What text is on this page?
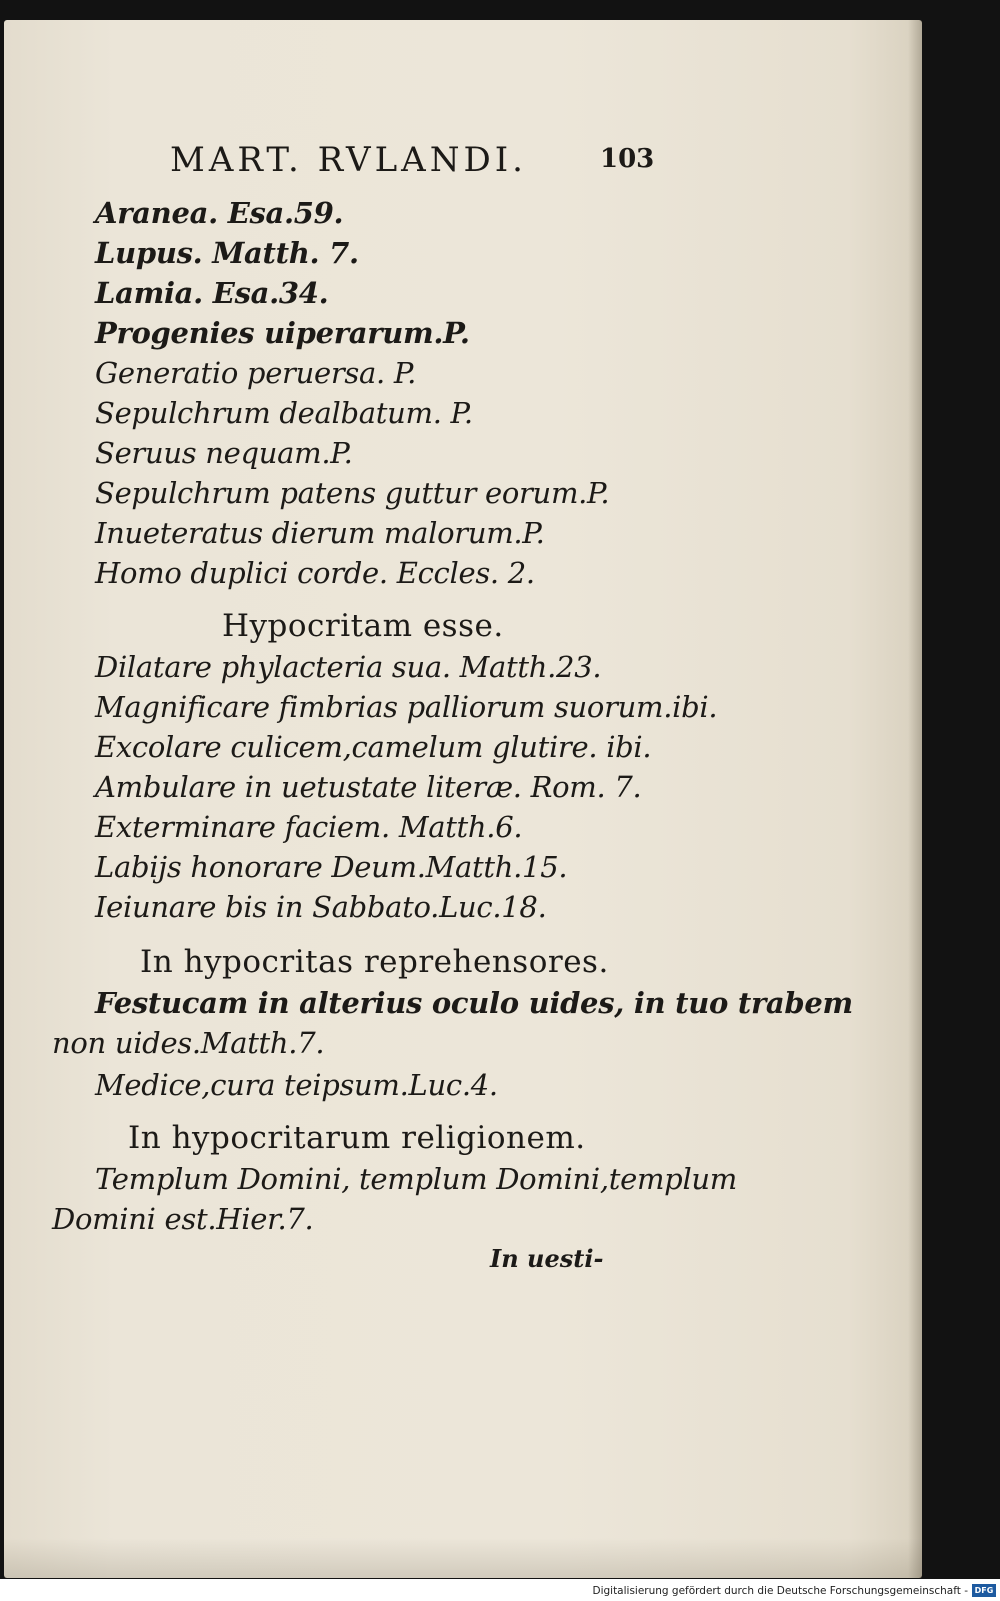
MART. RVLANDI.	103
Aranea. Esa.59.
Lupus. Matth. 7.
Lamia. Esa.34.
Progenies uiperarum.P.
Generatio peruersa. P.
Sepulchrum dealbatum. P.
Seruus nequam.P.
Sepulchrum patens guttur eorum.P.
Inueteratus dierum malorum.P.
Homo duplici corde. Eccles. 2.
Hypocritam esse.
Dilatare phylacteria sua. Matth.23.
Magnificare fimbrias palliorum suorum.ibi.
Excolare culicem,camelum glutire. ibi.
Ambulare in uetustate literæ. Rom. 7.
Exterminare faciem. Matth.6.
Labijs honorare Deum.Matth.15.
Ieiunare bis in Sabbato.Luc.18.
In hypocritas reprehensores.
Festucam in alterius oculo uides, in tuo trabem
non uides.Matth.7.
Medice,cura teipsum.Luc.4.
In hypocritarum religionem.
Templum Domini, templum Domini,templum
Domini est.Hier.7.
In uesti-
Digitalisierung gefördert durch die Deutsche Forschungsgemeinschaft - DFG
